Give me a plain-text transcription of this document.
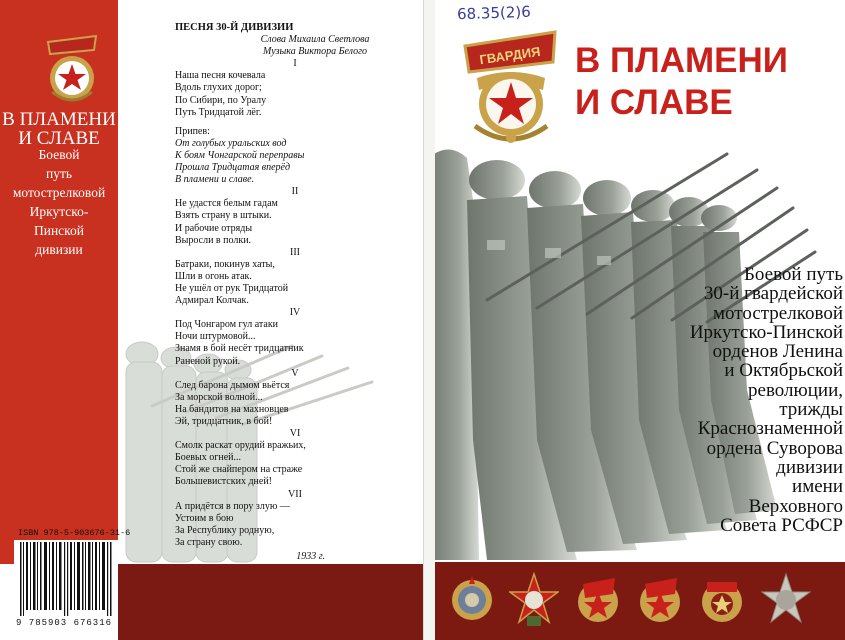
В ПЛАМЕНИ
И СЛАВЕ
Боевой
путь
мотострелковой
Иркутско-
Пинской
дивизии
ПЕСНЯ 30-Й ДИВИЗИИ
Слова Михаила Светлова
Музыка Виктора Белого
I
Наша песня кочевала
Вдоль глухих дорог;
По Сибири, по Уралу
Путь Тридцатой лёг.
Припев:
От голубых уральских вод
К боям Чонгарской переправы
Прошла Тридцатая вперёд
В пламени и славе.
II
Не удастся белым гадам
Взять страну в штыки.
И рабочие отряды
Выросли в полки.
III
Батраки, покинув хаты,
Шли в огонь атак.
Не ушёл от рук Тридцатой
Адмирал Колчак.
IV
Под Чонгаром гул атаки
Ночи штурмовой...
Знамя в бой несёт тридцатник
Раненой рукой.
V
След барона дымом вьётся
За морской волной...
На бандитов на махновцев
Эй, тридцатник, в бой!
VI
Смолк раскат орудий вражьих,
Боевых огней...
Стой же снайпером на страже
Большевистских дней!
VII
А придётся в пору злую —
Устоим в бою
За Республику родную,
За страну свою.
1933 г.
ISBN 978-5-903676-31-6
9 785903 676316
68.35(2)6
ГВАРДИЯ В ПЛАМЕНИ
И СЛАВЕ
Боевой путь
30-й гвардейской
мотострелковой
Иркутско-Пинской
орденов Ленина
и Октябрьской
революции,
трижды
Краснознаменной
ордена Суворова
дивизии
имени
Верховного
Совета РСФСР
